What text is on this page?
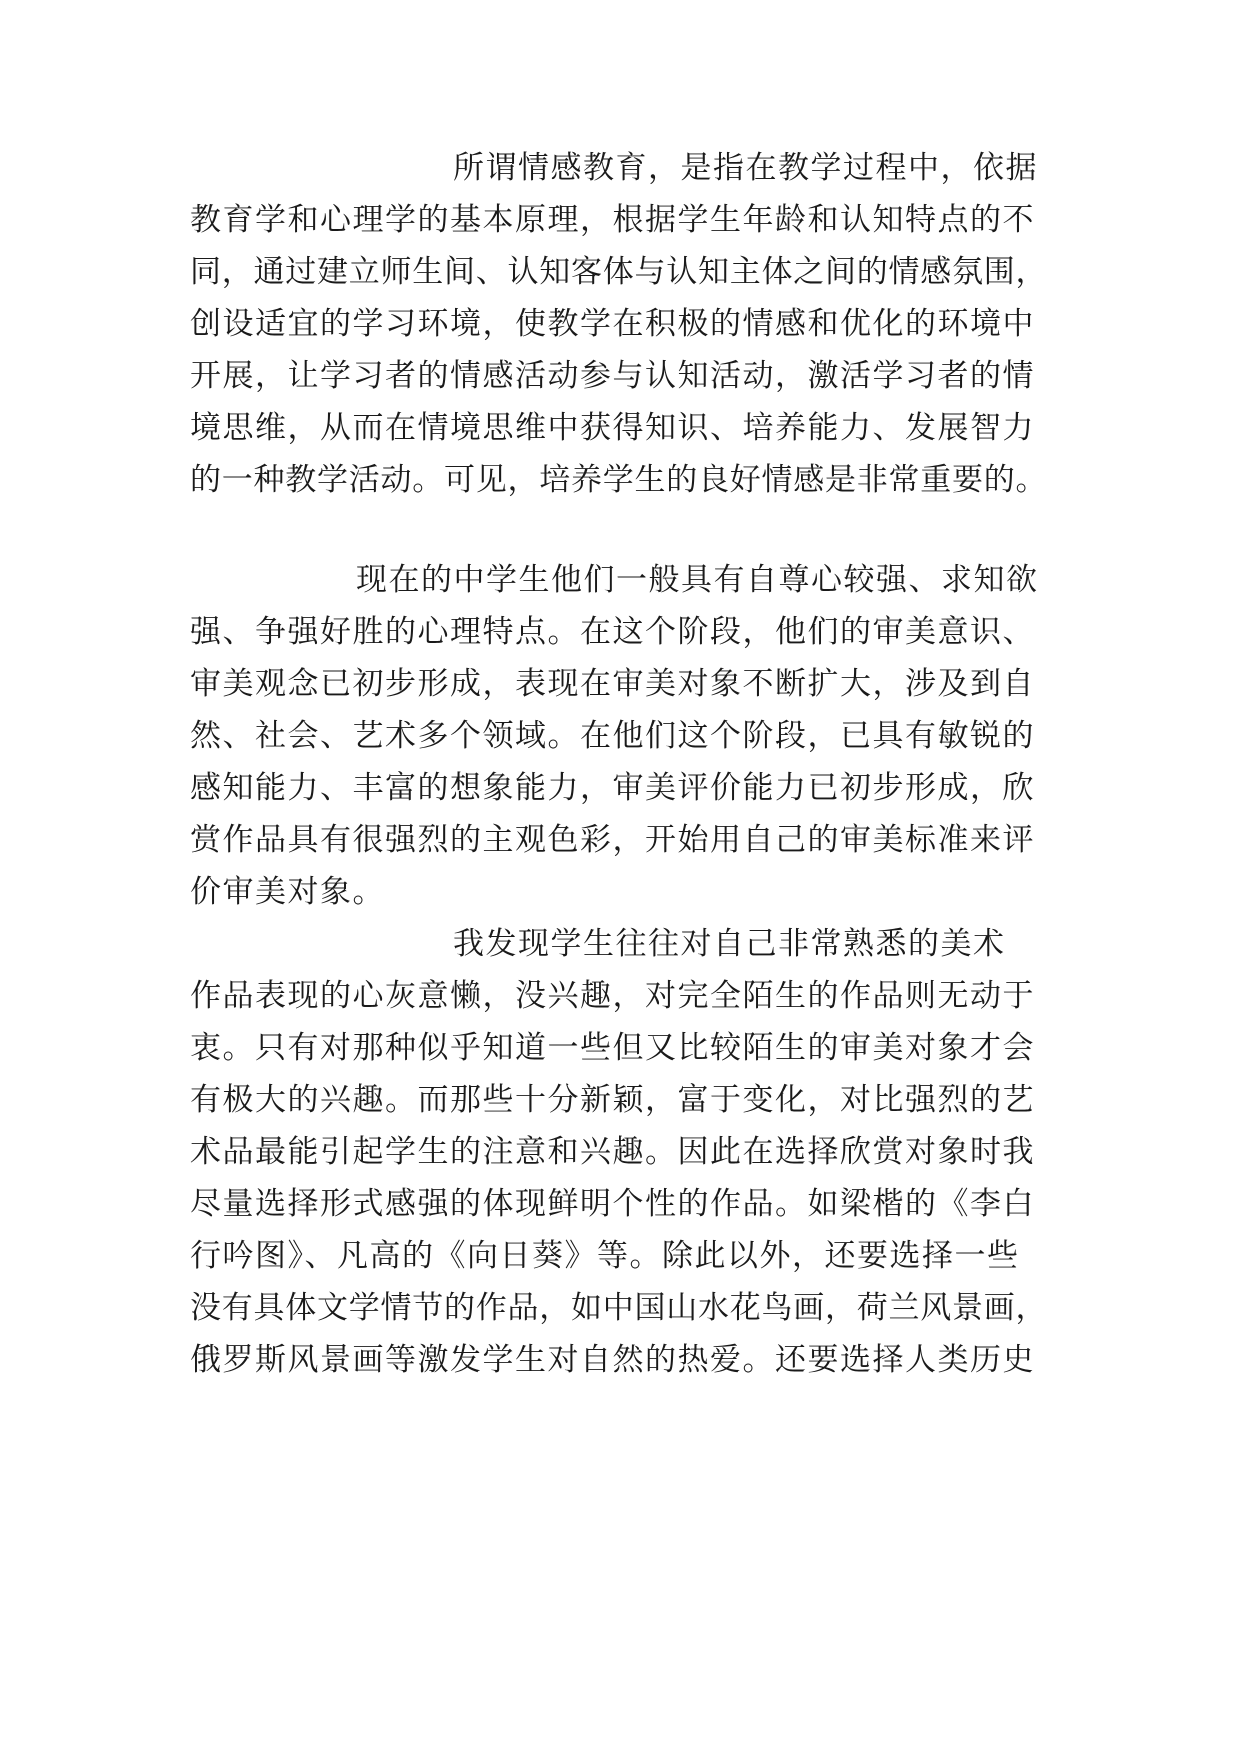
所谓情感教育，是指在教学过程中，依据
教育学和心理学的基本原理，根据学生年龄和认知特点的不
同，通过建立师生间、认知客体与认知主体之间的情感氛围，
创设适宜的学习环境，使教学在积极的情感和优化的环境中
开展，让学习者的情感活动参与认知活动，激活学习者的情
境思维，从而在情境思维中获得知识、培养能力、发展智力
的一种教学活动。可见，培养学生的良好情感是非常重要的。
现在的中学生他们一般具有自尊心较强、求知欲
强、争强好胜的心理特点。在这个阶段，他们的审美意识、
审美观念已初步形成，表现在审美对象不断扩大，涉及到自
然、社会、艺术多个领域。在他们这个阶段，已具有敏锐的
感知能力、丰富的想象能力，审美评价能力已初步形成，欣
赏作品具有很强烈的主观色彩，开始用自己的审美标准来评
价审美对象。
我发现学生往往对自己非常熟悉的美术
作品表现的心灰意懒，没兴趣，对完全陌生的作品则无动于
衷。只有对那种似乎知道一些但又比较陌生的审美对象才会
有极大的兴趣。而那些十分新颖，富于变化，对比强烈的艺
术品最能引起学生的注意和兴趣。因此在选择欣赏对象时我
尽量选择形式感强的体现鲜明个性的作品。如梁楷的《李白
行吟图》、凡高的《向日葵》等。除此以外，还要选择一些
没有具体文学情节的作品，如中国山水花鸟画，荷兰风景画，
俄罗斯风景画等激发学生对自然的热爱。还要选择人类历史
